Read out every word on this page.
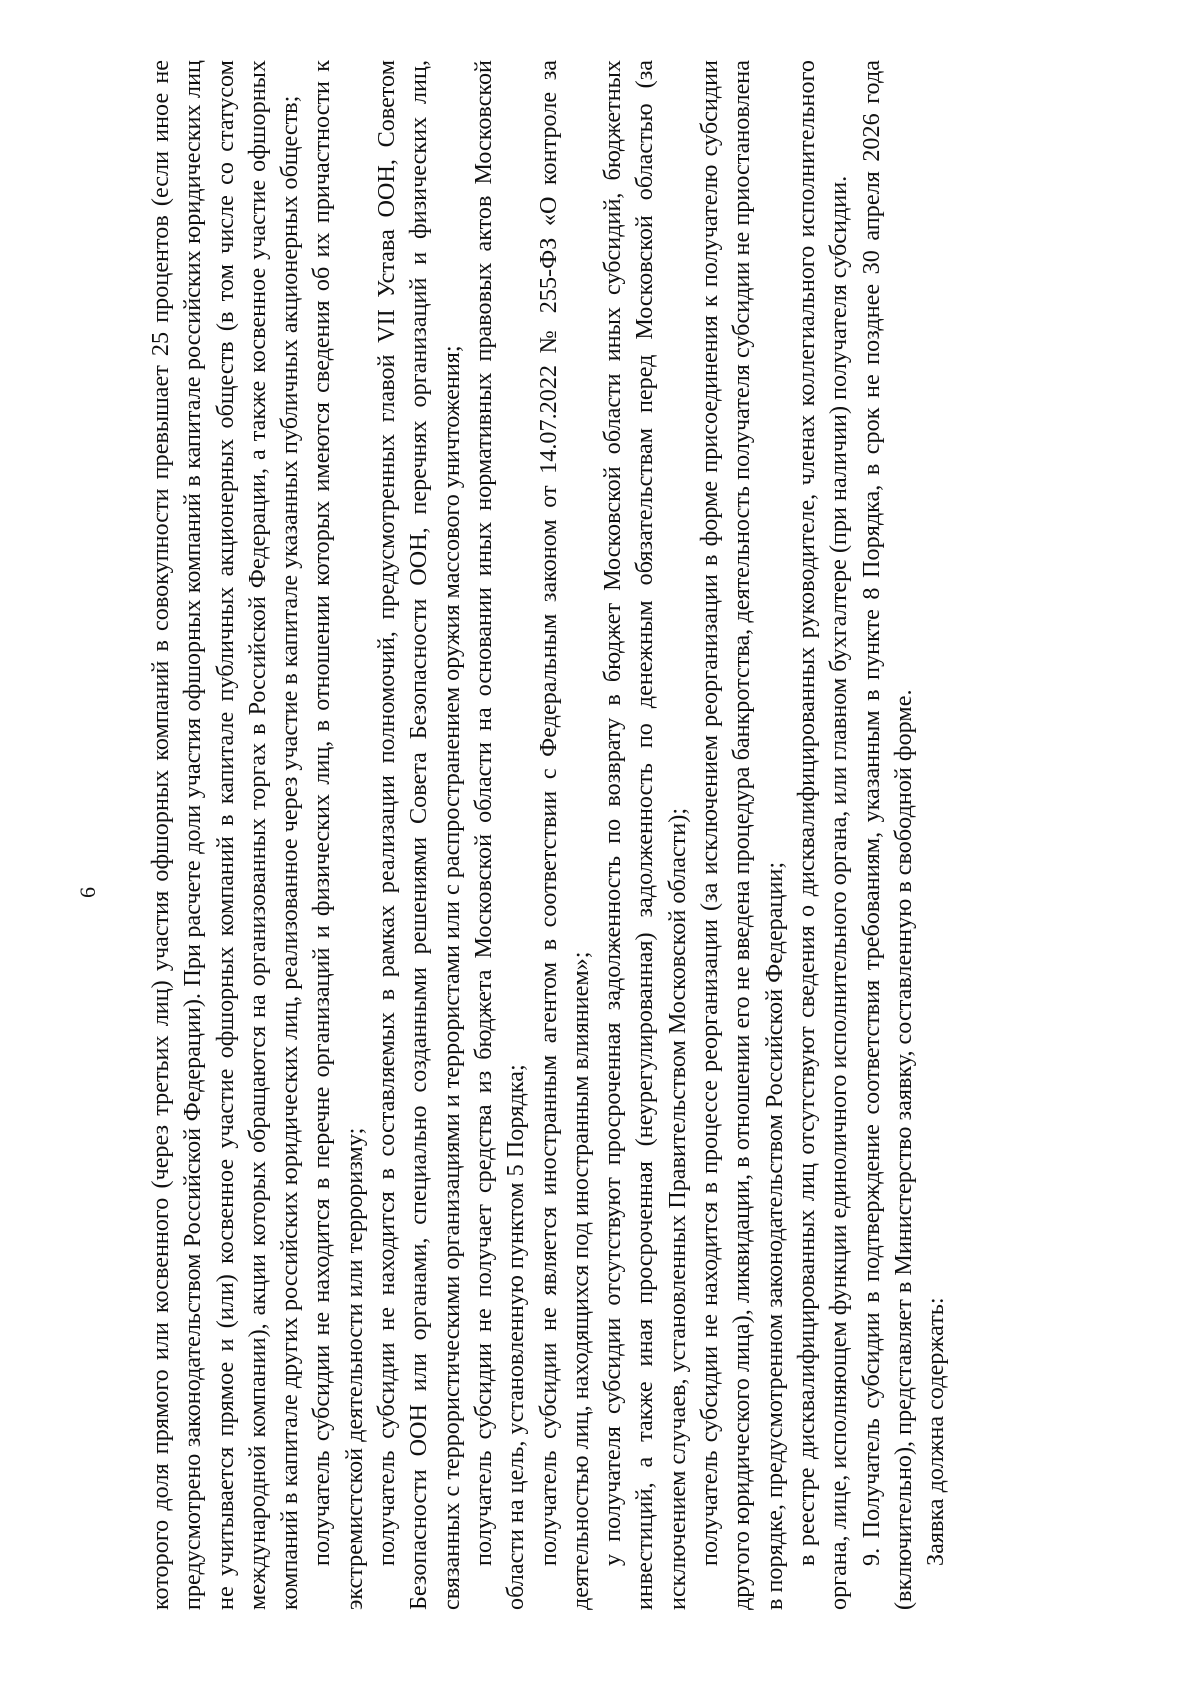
6 которого доля прямого или косвенного (через третьих лиц) участия офшорных компаний в совокупности превышает 25 процентов (если иное не предусмотрено законодательством Российской Федерации). При расчете доли участия офшорных компаний в капитале российских юридических лиц не учитывается прямое и (или) косвенное участие офшорных компаний в капитале публичных акционерных обществ (в том числе со статусом международной компании), акции которых обращаются на организованных торгах в Российской Федерации, а также косвенное участие офшорных компаний в капитале других российских юридических лиц, реализованное через участие в капитале указанных публичных акционерных обществ; получатель субсидии не находится в перечне организаций и физических лиц, в отношении которых имеются сведения об их причастности к экстремистской деятельности или терроризму; получатель субсидии не находится в составляемых в рамках реализации полномочий, предусмотренных главой VII Устава ООН, Советом Безопасности ООН или органами, специально созданными решениями Совета Безопасности ООН, перечнях организаций и физических лиц, связанных с террористическими организациями и террористами или с распространением оружия массового уничтожения; получатель субсидии не получает средства из бюджета Московской области на основании иных нормативных правовых актов Московской области на цель, установленную пунктом 5 Порядка; получатель субсидии не является иностранным агентом в соответствии с Федеральным законом от 14.07.2022 № 255-ФЗ «О контроле за деятельностью лиц, находящихся под иностранным влиянием»; у получателя субсидии отсутствуют просроченная задолженность по возврату в бюджет Московской области иных субсидий, бюджетных инвестиций, а также иная просроченная (неурегулированная) задолженность по денежным обязательствам перед Московской областью (за исключением случаев, установленных Правительством Московской области); получатель субсидии не находится в процессе реорганизации (за исключением реорганизации в форме присоединения к получателю субсидии другого юридического лица), ликвидации, в отношении его не введена процедура банкротства, деятельность получателя субсидии не приостановлена в порядке, предусмотренном законодательством Российской Федерации; в реестре дисквалифицированных лиц отсутствуют сведения о дисквалифицированных руководителе, членах коллегиального исполнительного органа, лице, исполняющем функции единоличного исполнительного органа, или главном бухгалтере (при наличии) получателя субсидии. 9. Получатель субсидии в подтверждение соответствия требованиям, указанным в пункте 8 Порядка, в срок не позднее 30 апреля 2026 года (включительно), представляет в Министерство заявку, составленную в свободной форме. Заявка должна содержать:
